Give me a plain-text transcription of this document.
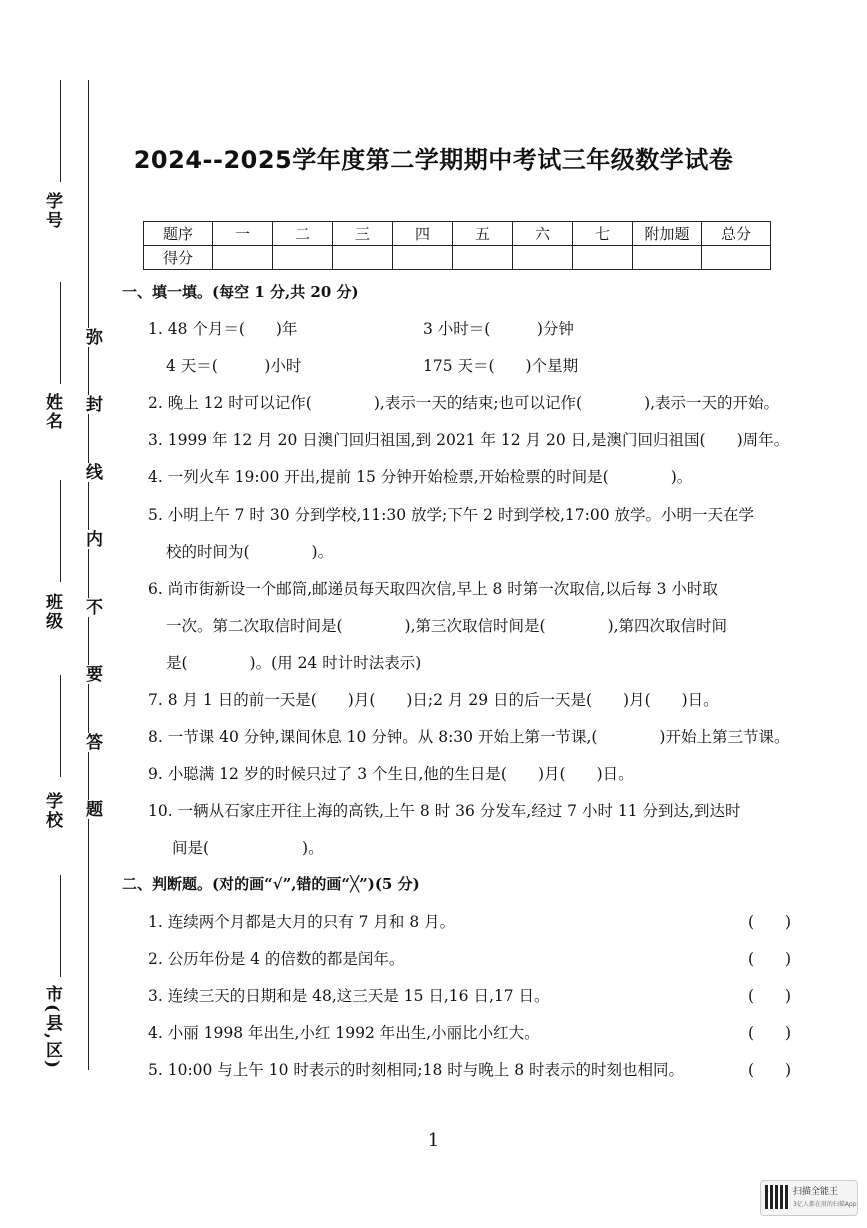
学号
姓名
班级
学校
市(县,区)
弥
封
线
内
不
要
答
题
2024--2025学年度第二学期期中考试三年级数学试卷
题序	一	二	三	四	五	六	七	附加题	总分
得分									
一、填一填。(每空 1 分,共 20 分)
1. 48 个月＝(　　)年	3 小时＝(　　　)分钟
4 天＝(　　　)小时	175 天＝(　　)个星期
2. 晚上 12 时可以记作(　　　　),表示一天的结束;也可以记作(　　　　),表示一天的开始。
3. 1999 年 12 月 20 日澳门回归祖国,到 2021 年 12 月 20 日,是澳门回归祖国(　　)周年。
4. 一列火车 19:00 开出,提前 15 分钟开始检票,开始检票的时间是(　　　　)。
5. 小明上午 7 时 30 分到学校,11:30 放学;下午 2 时到学校,17:00 放学。小明一天在学
校的时间为(　　　　)。
6. 尚市街新设一个邮筒,邮递员每天取四次信,早上 8 时第一次取信,以后每 3 小时取
一次。第二次取信时间是(　　　　),第三次取信时间是(　　　　),第四次取信时间
是(　　　　)。(用 24 时计时法表示)
7. 8 月 1 日的前一天是(　　)月(　　)日;2 月 29 日的后一天是(　　)月(　　)日。
8. 一节课 40 分钟,课间休息 10 分钟。从 8:30 开始上第一节课,(　　　　)开始上第三节课。
9. 小聪满 12 岁的时候只过了 3 个生日,他的生日是(　　)月(　　)日。
10. 一辆从石家庄开往上海的高铁,上午 8 时 36 分发车,经过 7 小时 11 分到达,到达时
间是(　　　　　　)。
二、判断题。(对的画“√”,错的画“╳”)(5 分)
1. 连续两个月都是大月的只有 7 月和 8 月。	(　　)
2. 公历年份是 4 的倍数的都是闰年。	(　　)
3. 连续三天的日期和是 48,这三天是 15 日,16 日,17 日。	(　　)
4. 小丽 1998 年出生,小红 1992 年出生,小丽比小红大。	(　　)
5. 10:00 与上午 10 时表示的时刻相同;18 时与晚上 8 时表示的时刻也相同。	(　　)
1
扫描全能王
3亿人都在用的扫描App
